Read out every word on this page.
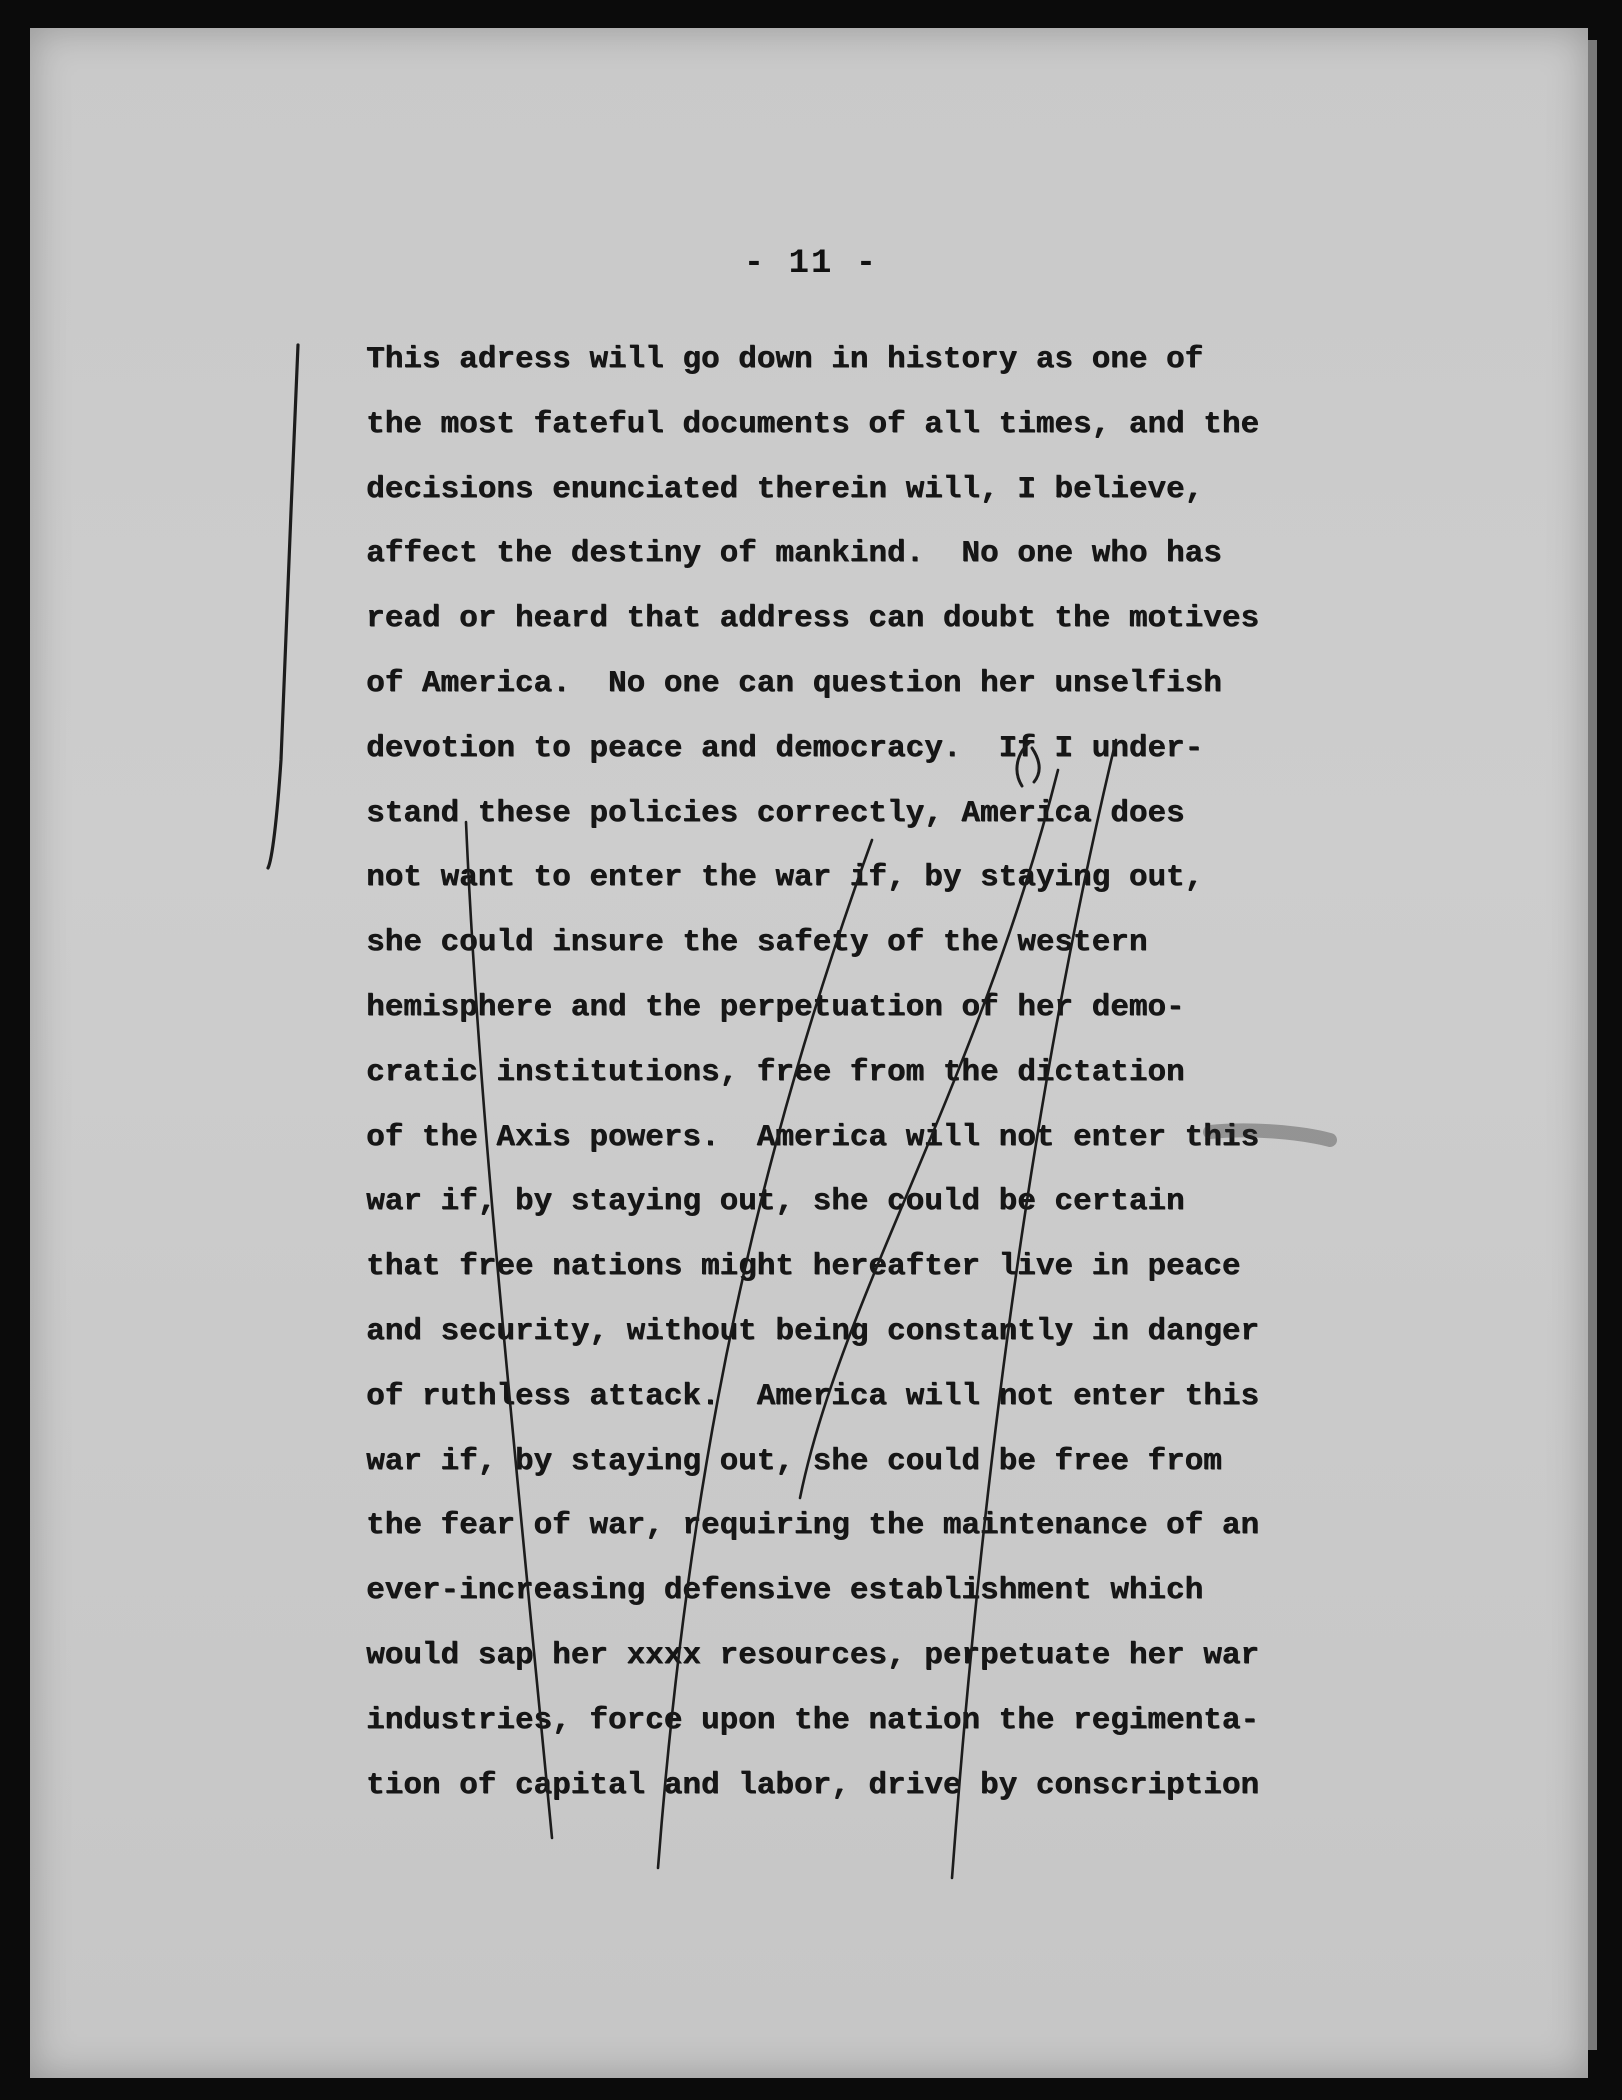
- 11 -
This adress will go down in history as one of
the most fateful documents of all times, and the
decisions enunciated therein will, I believe,
affect the destiny of mankind.  No one who has
read or heard that address can doubt the motives
of America.  No one can question her unselfish
devotion to peace and democracy.  If I under-
stand these policies correctly, America does
not want to enter the war if, by staying out,
she could insure the safety of the western
hemisphere and the perpetuation of her demo-
cratic institutions, free from the dictation
of the Axis powers.  America will not enter this
war if, by staying out, she could be certain
that free nations might hereafter live in peace
and security, without being constantly in danger
of ruthless attack.  America will not enter this
war if, by staying out, she could be free from
the fear of war, requiring the maintenance of an
ever-increasing defensive establishment which
would sap her xxxx resources, perpetuate her war
industries, force upon the nation the regimenta-
tion of capital and labor, drive by conscription
